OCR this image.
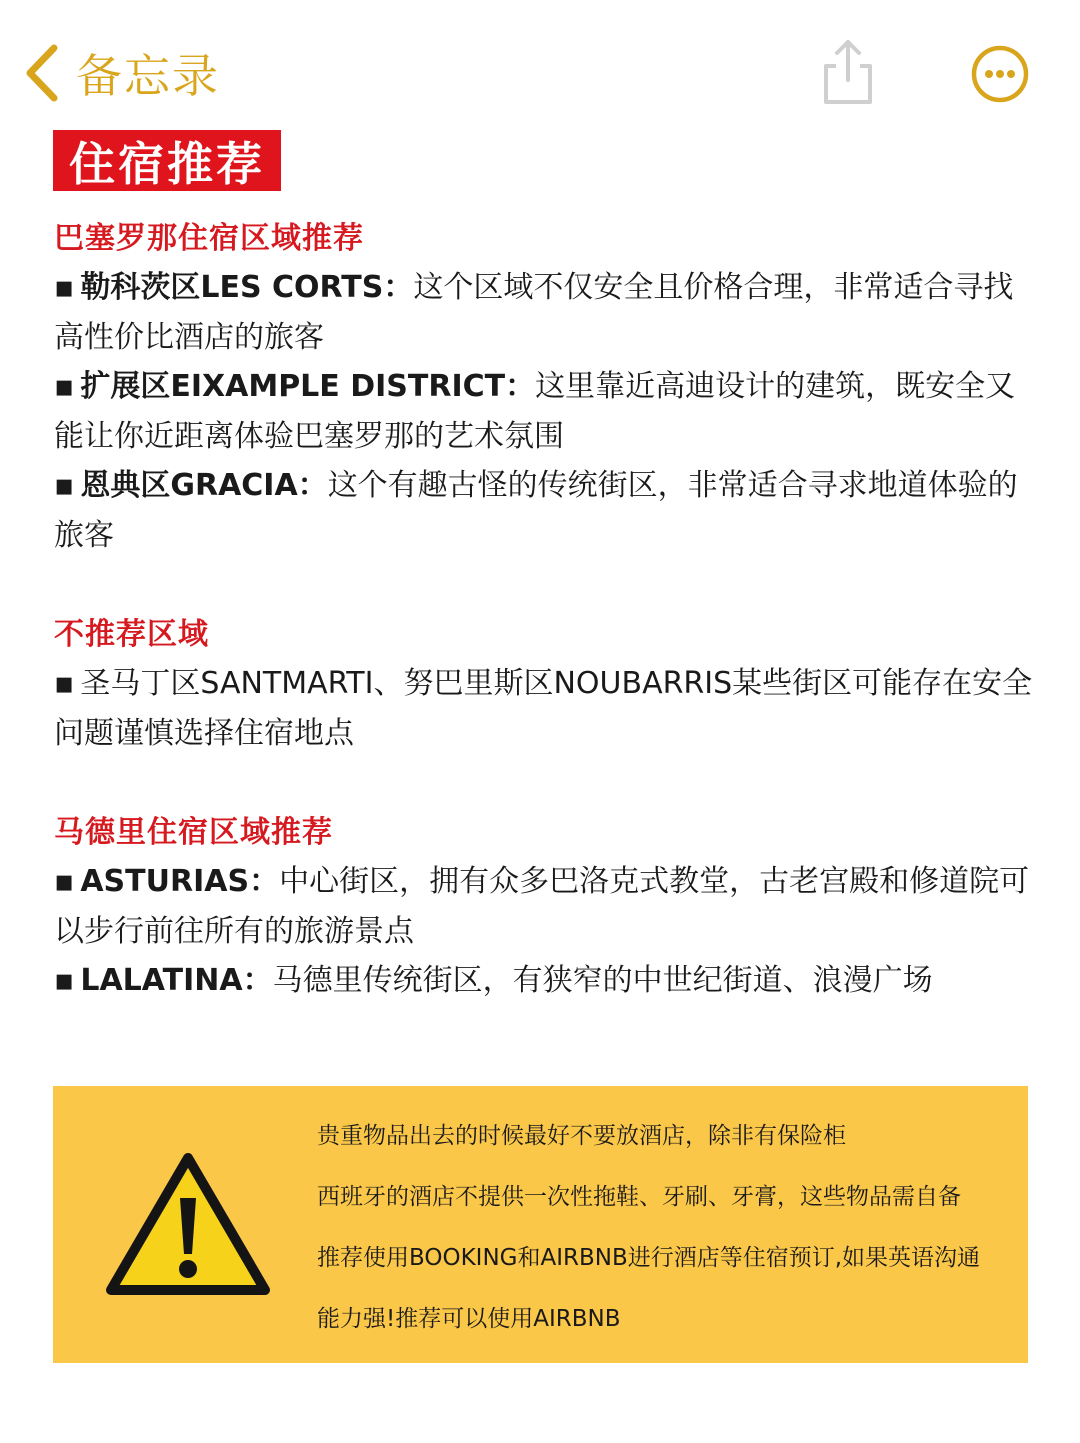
备忘录
住宿推荐
巴塞罗那住宿区域推荐
▪ 勒科茨区LES CORTS：这个区域不仅安全且价格合理，非常适合寻找高性价比酒店的旅客
▪ 扩展区EIXAMPLE DISTRICT：这里靠近高迪设计的建筑，既安全又能让你近距离体验巴塞罗那的艺术氛围
▪ 恩典区GRACIA：这个有趣古怪的传统街区，非常适合寻求地道体验的旅客
不推荐区域
▪ 圣马丁区SANTMARTI、努巴里斯区NOUBARRIS某些街区可能存在安全问题谨慎选择住宿地点
马德里住宿区域推荐
▪ ASTURIAS：中心街区，拥有众多巴洛克式教堂，古老宫殿和修道院可以步行前往所有的旅游景点
▪ LALATINA：马德里传统街区，有狭窄的中世纪街道、浪漫广场
贵重物品出去的时候最好不要放酒店，除非有保险柜
西班牙的酒店不提供一次性拖鞋、牙刷、牙膏，这些物品需自备
推荐使用BOOKING和AIRBNB进行酒店等住宿预订,如果英语沟通
能力强!推荐可以使用AIRBNB
